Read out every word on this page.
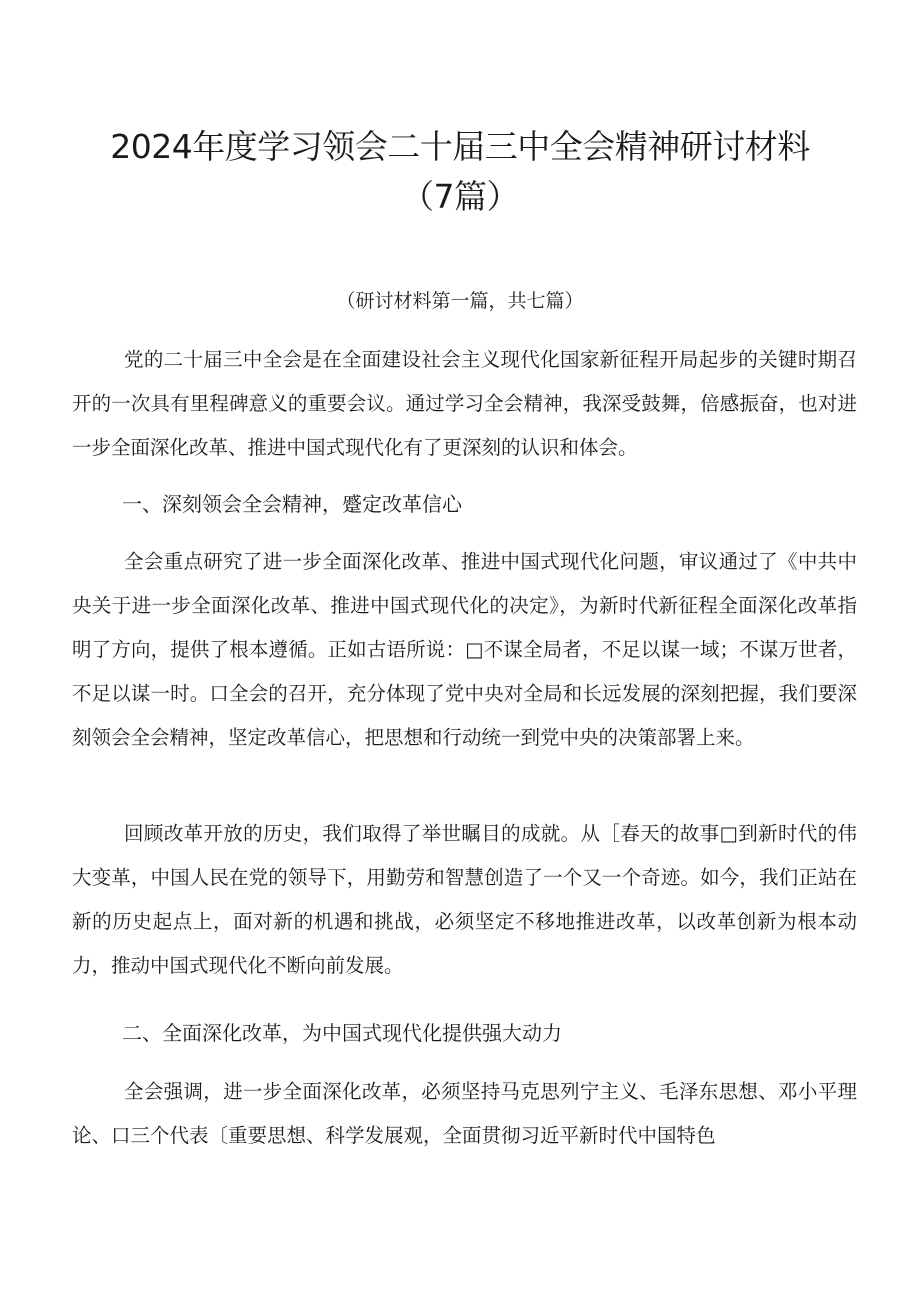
2024年度学习领会二十届三中全会精神研讨材料（7篇）
（研讨材料第一篇，共七篇）

党的二十届三中全会是在全面建设社会主义现代化国家新征程开局起步的关键时期召开的一次具有里程碑意义的重要会议。通过学习全会精神，我深受鼓舞，倍感振奋，也对进一步全面深化改革、推进中国式现代化有了更深刻的认识和体会。

一、深刻领会全会精神，蹙定改革信心

全会重点研究了进一步全面深化改革、推进中国式现代化问题，审议通过了《中共中央关于进一步全面深化改革、推进中国式现代化的决定》，为新时代新征程全面深化改革指明了方向，提供了根本遵循。正如古语所说：□不谋全局者，不足以谋一域；不谋万世者，不足以谋一时。口全会的召开，充分体现了党中央对全局和长远发展的深刻把握，我们要深刻领会全会精神，坚定改革信心，把思想和行动统一到党中央的决策部署上来。

回顾改革开放的历史，我们取得了举世瞩目的成就。从［春天的故事□到新时代的伟大变革，中国人民在党的领导下，用勤劳和智慧创造了一个又一个奇迹。如今，我们正站在新的历史起点上，面对新的机遇和挑战，必须坚定不移地推进改革，以改革创新为根本动力，推动中国式现代化不断向前发展。

二、全面深化改革，为中国式现代化提供强大动力

全会强调，进一步全面深化改革，必须坚持马克思列宁主义、毛泽东思想、邓小平理论、口三个代表〔重要思想、科学发展观，全面贯彻习近平新时代中国特色
